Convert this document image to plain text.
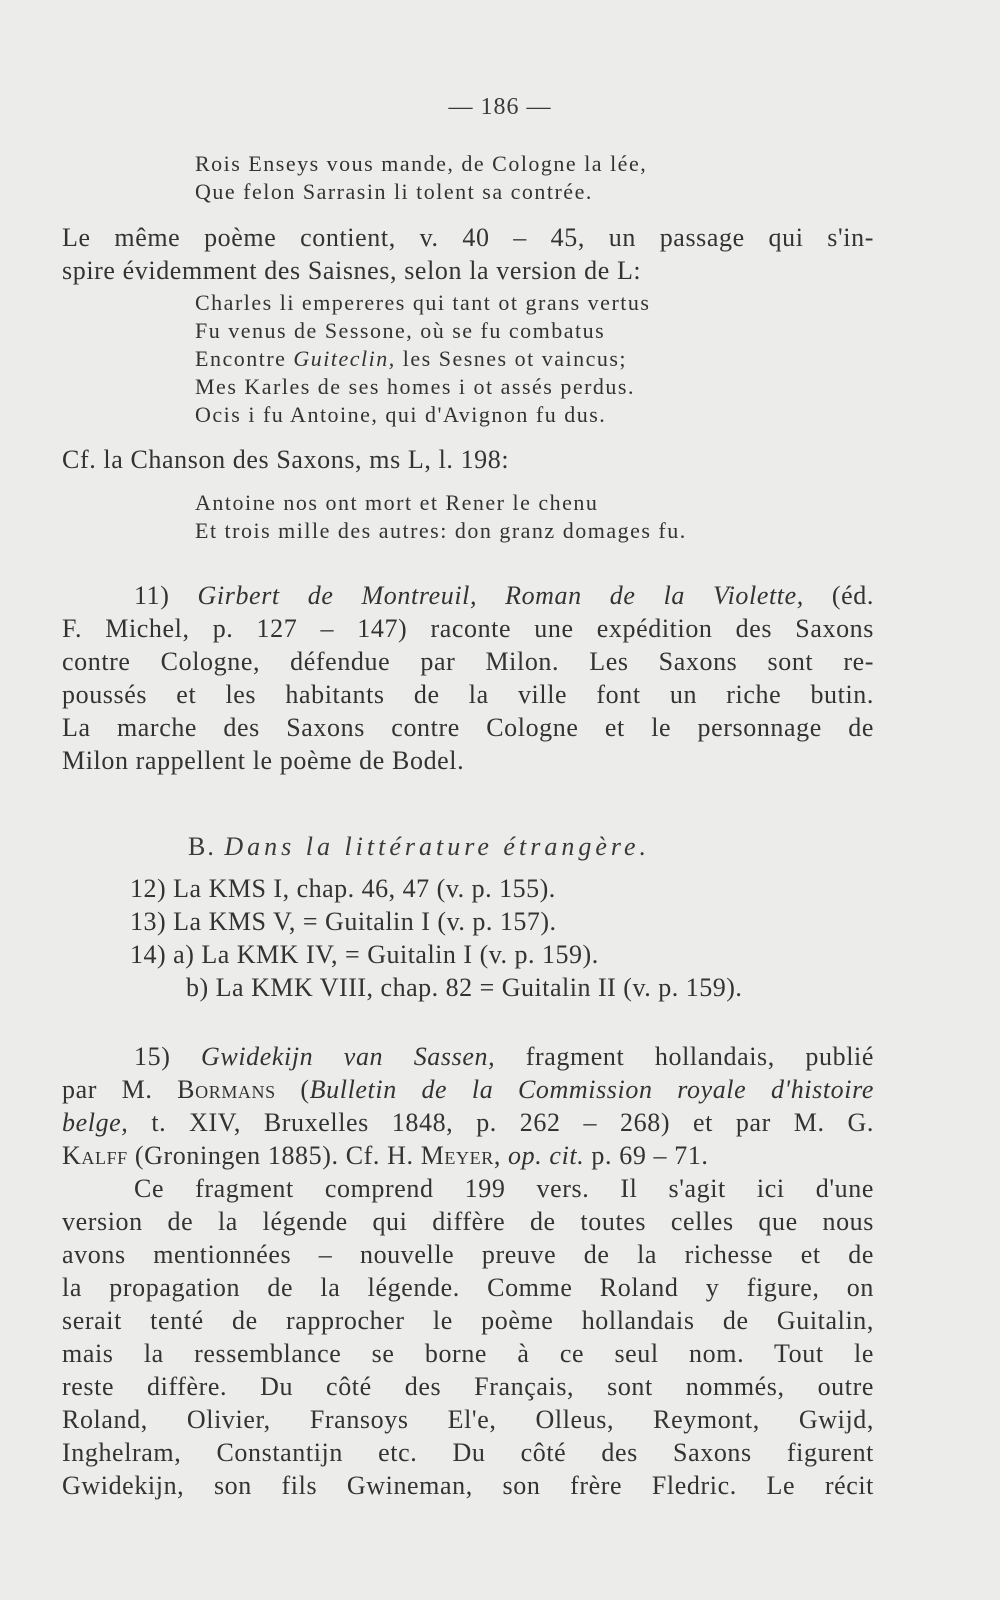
— 186 —
Rois Enseys vous mande, de Cologne la lée,
Que felon Sarrasin li tolent sa contrée.
Le même poème contient, v. 40 – 45, un passage qui s'in-
spire évidemment des Saisnes, selon la version de L:
Charles li empereres qui tant ot grans vertus
Fu venus de Sessone, où se fu combatus
Encontre Guiteclin, les Sesnes ot vaincus;
Mes Karles de ses homes i ot assés perdus.
Ocis i fu Antoine, qui d'Avignon fu dus.
Cf. la Chanson des Saxons, ms L, l. 198:
Antoine nos ont mort et Rener le chenu
Et trois mille des autres: don granz domages fu.
11) Girbert de Montreuil, Roman de la Violette, (éd.
F. Michel, p. 127 – 147) raconte une expédition des Saxons
contre Cologne, défendue par Milon. Les Saxons sont re-
poussés et les habitants de la ville font un riche butin.
La marche des Saxons contre Cologne et le personnage de
Milon rappellent le poème de Bodel.
B. Dans la littérature étrangère.
12) La KMS I, chap. 46, 47 (v. p. 155).
13) La KMS V, = Guitalin I (v. p. 157).
14) a) La KMK IV, = Guitalin I (v. p. 159).
b) La KMK VIII, chap. 82 = Guitalin II (v. p. 159).
15) Gwidekijn van Sassen, fragment hollandais, publié
par M. Bormans (Bulletin de la Commission royale d'histoire
belge, t. XIV, Bruxelles 1848, p. 262 – 268) et par M. G.
Kalff (Groningen 1885). Cf. H. Meyer, op. cit. p. 69 – 71.
Ce fragment comprend 199 vers. Il s'agit ici d'une
version de la légende qui diffère de toutes celles que nous
avons mentionnées – nouvelle preuve de la richesse et de
la propagation de la légende. Comme Roland y figure, on
serait tenté de rapprocher le poème hollandais de Guitalin,
mais la ressemblance se borne à ce seul nom. Tout le
reste diffère. Du côté des Français, sont nommés, outre
Roland, Olivier, Fransoys El'e, Olleus, Reymont, Gwijd,
Inghelram, Constantijn etc. Du côté des Saxons figurent
Gwidekijn, son fils Gwineman, son frère Fledric. Le récit
